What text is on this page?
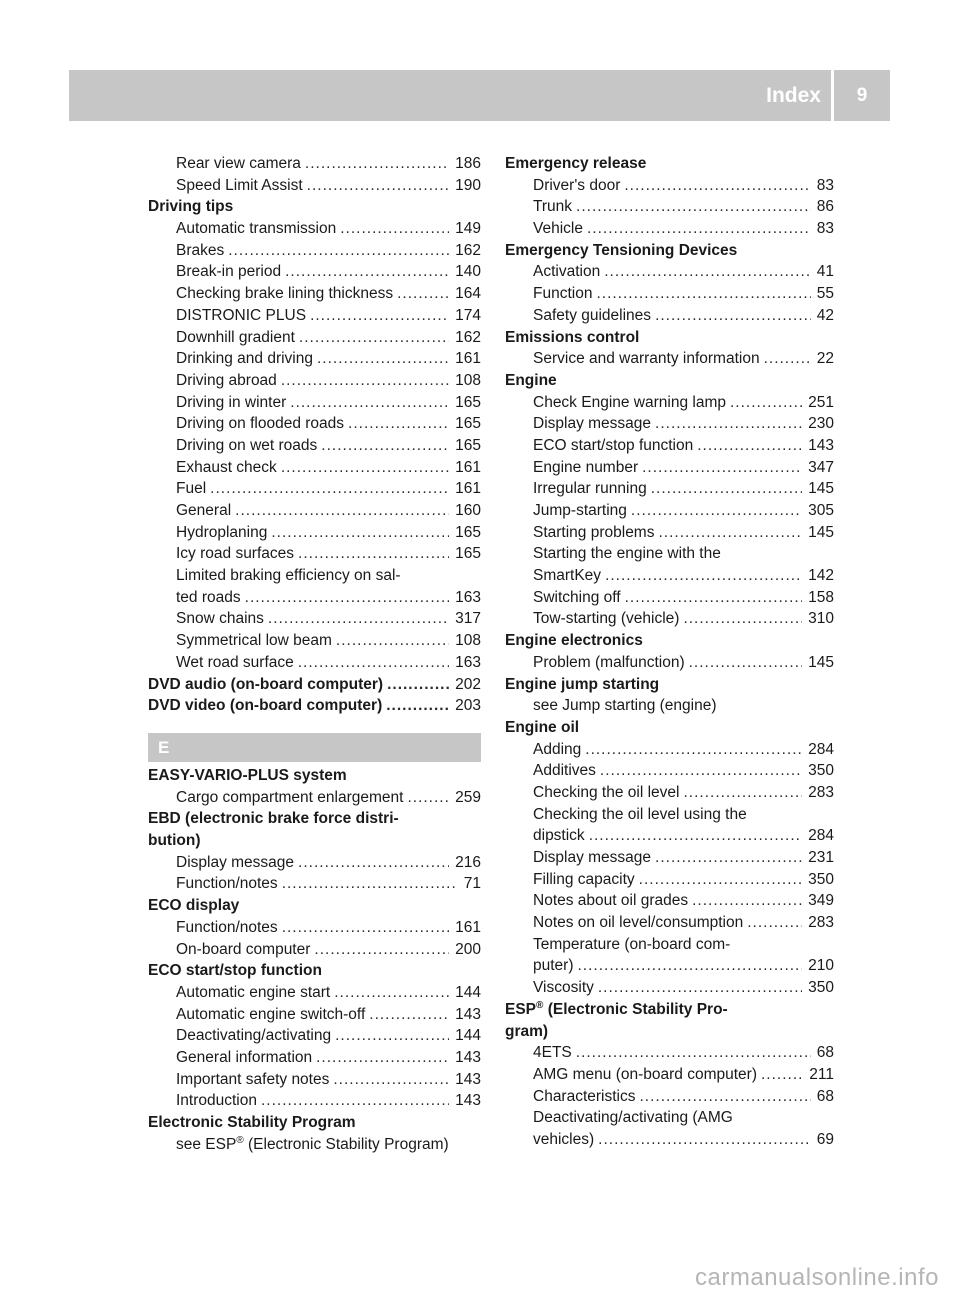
Index	9
Rear view camera .....	186
Speed Limit Assist .....	190
Driving tips
Automatic transmission .....	149
Brakes .....	162
Break-in period .....	140
Checking brake lining thickness .....	164
DISTRONIC PLUS .....	174
Downhill gradient .....	162
Drinking and driving .....	161
Driving abroad .....	108
Driving in winter .....	165
Driving on flooded roads .....	165
Driving on wet roads .....	165
Exhaust check .....	161
Fuel .....	161
General .....	160
Hydroplaning .....	165
Icy road surfaces .....	165
Limited braking efficiency on sal-
ted roads .....	163
Snow chains .....	317
Symmetrical low beam .....	108
Wet road surface .....	163
DVD audio (on-board computer) .....	202
DVD video (on-board computer) .....	203
E
EASY-VARIO-PLUS system
Cargo compartment enlargement .....	259
EBD (electronic brake force distri-
bution)
Display message .....	216
Function/notes .....	71
ECO display
Function/notes .....	161
On-board computer .....	200
ECO start/stop function
Automatic engine start .....	144
Automatic engine switch-off .....	143
Deactivating/activating .....	144
General information .....	143
Important safety notes .....	143
Introduction .....	143
Electronic Stability Program
see ESP® (Electronic Stability Program)
Emergency release
Driver's door .....	83
Trunk .....	86
Vehicle .....	83
Emergency Tensioning Devices
Activation .....	41
Function .....	55
Safety guidelines .....	42
Emissions control
Service and warranty information .....	22
Engine
Check Engine warning lamp .....	251
Display message .....	230
ECO start/stop function .....	143
Engine number .....	347
Irregular running .....	145
Jump-starting .....	305
Starting problems .....	145
Starting the engine with the
SmartKey .....	142
Switching off .....	158
Tow-starting (vehicle) .....	310
Engine electronics
Problem (malfunction) .....	145
Engine jump starting
see Jump starting (engine)
Engine oil
Adding .....	284
Additives .....	350
Checking the oil level .....	283
Checking the oil level using the
dipstick .....	284
Display message .....	231
Filling capacity .....	350
Notes about oil grades .....	349
Notes on oil level/consumption .....	283
Temperature (on-board com-
puter) .....	210
Viscosity .....	350
ESP® (Electronic Stability Pro-
gram)
4ETS .....	68
AMG menu (on-board computer) .....	211
Characteristics .....	68
Deactivating/activating (AMG
vehicles) .....	69
carmanualsonline.info
